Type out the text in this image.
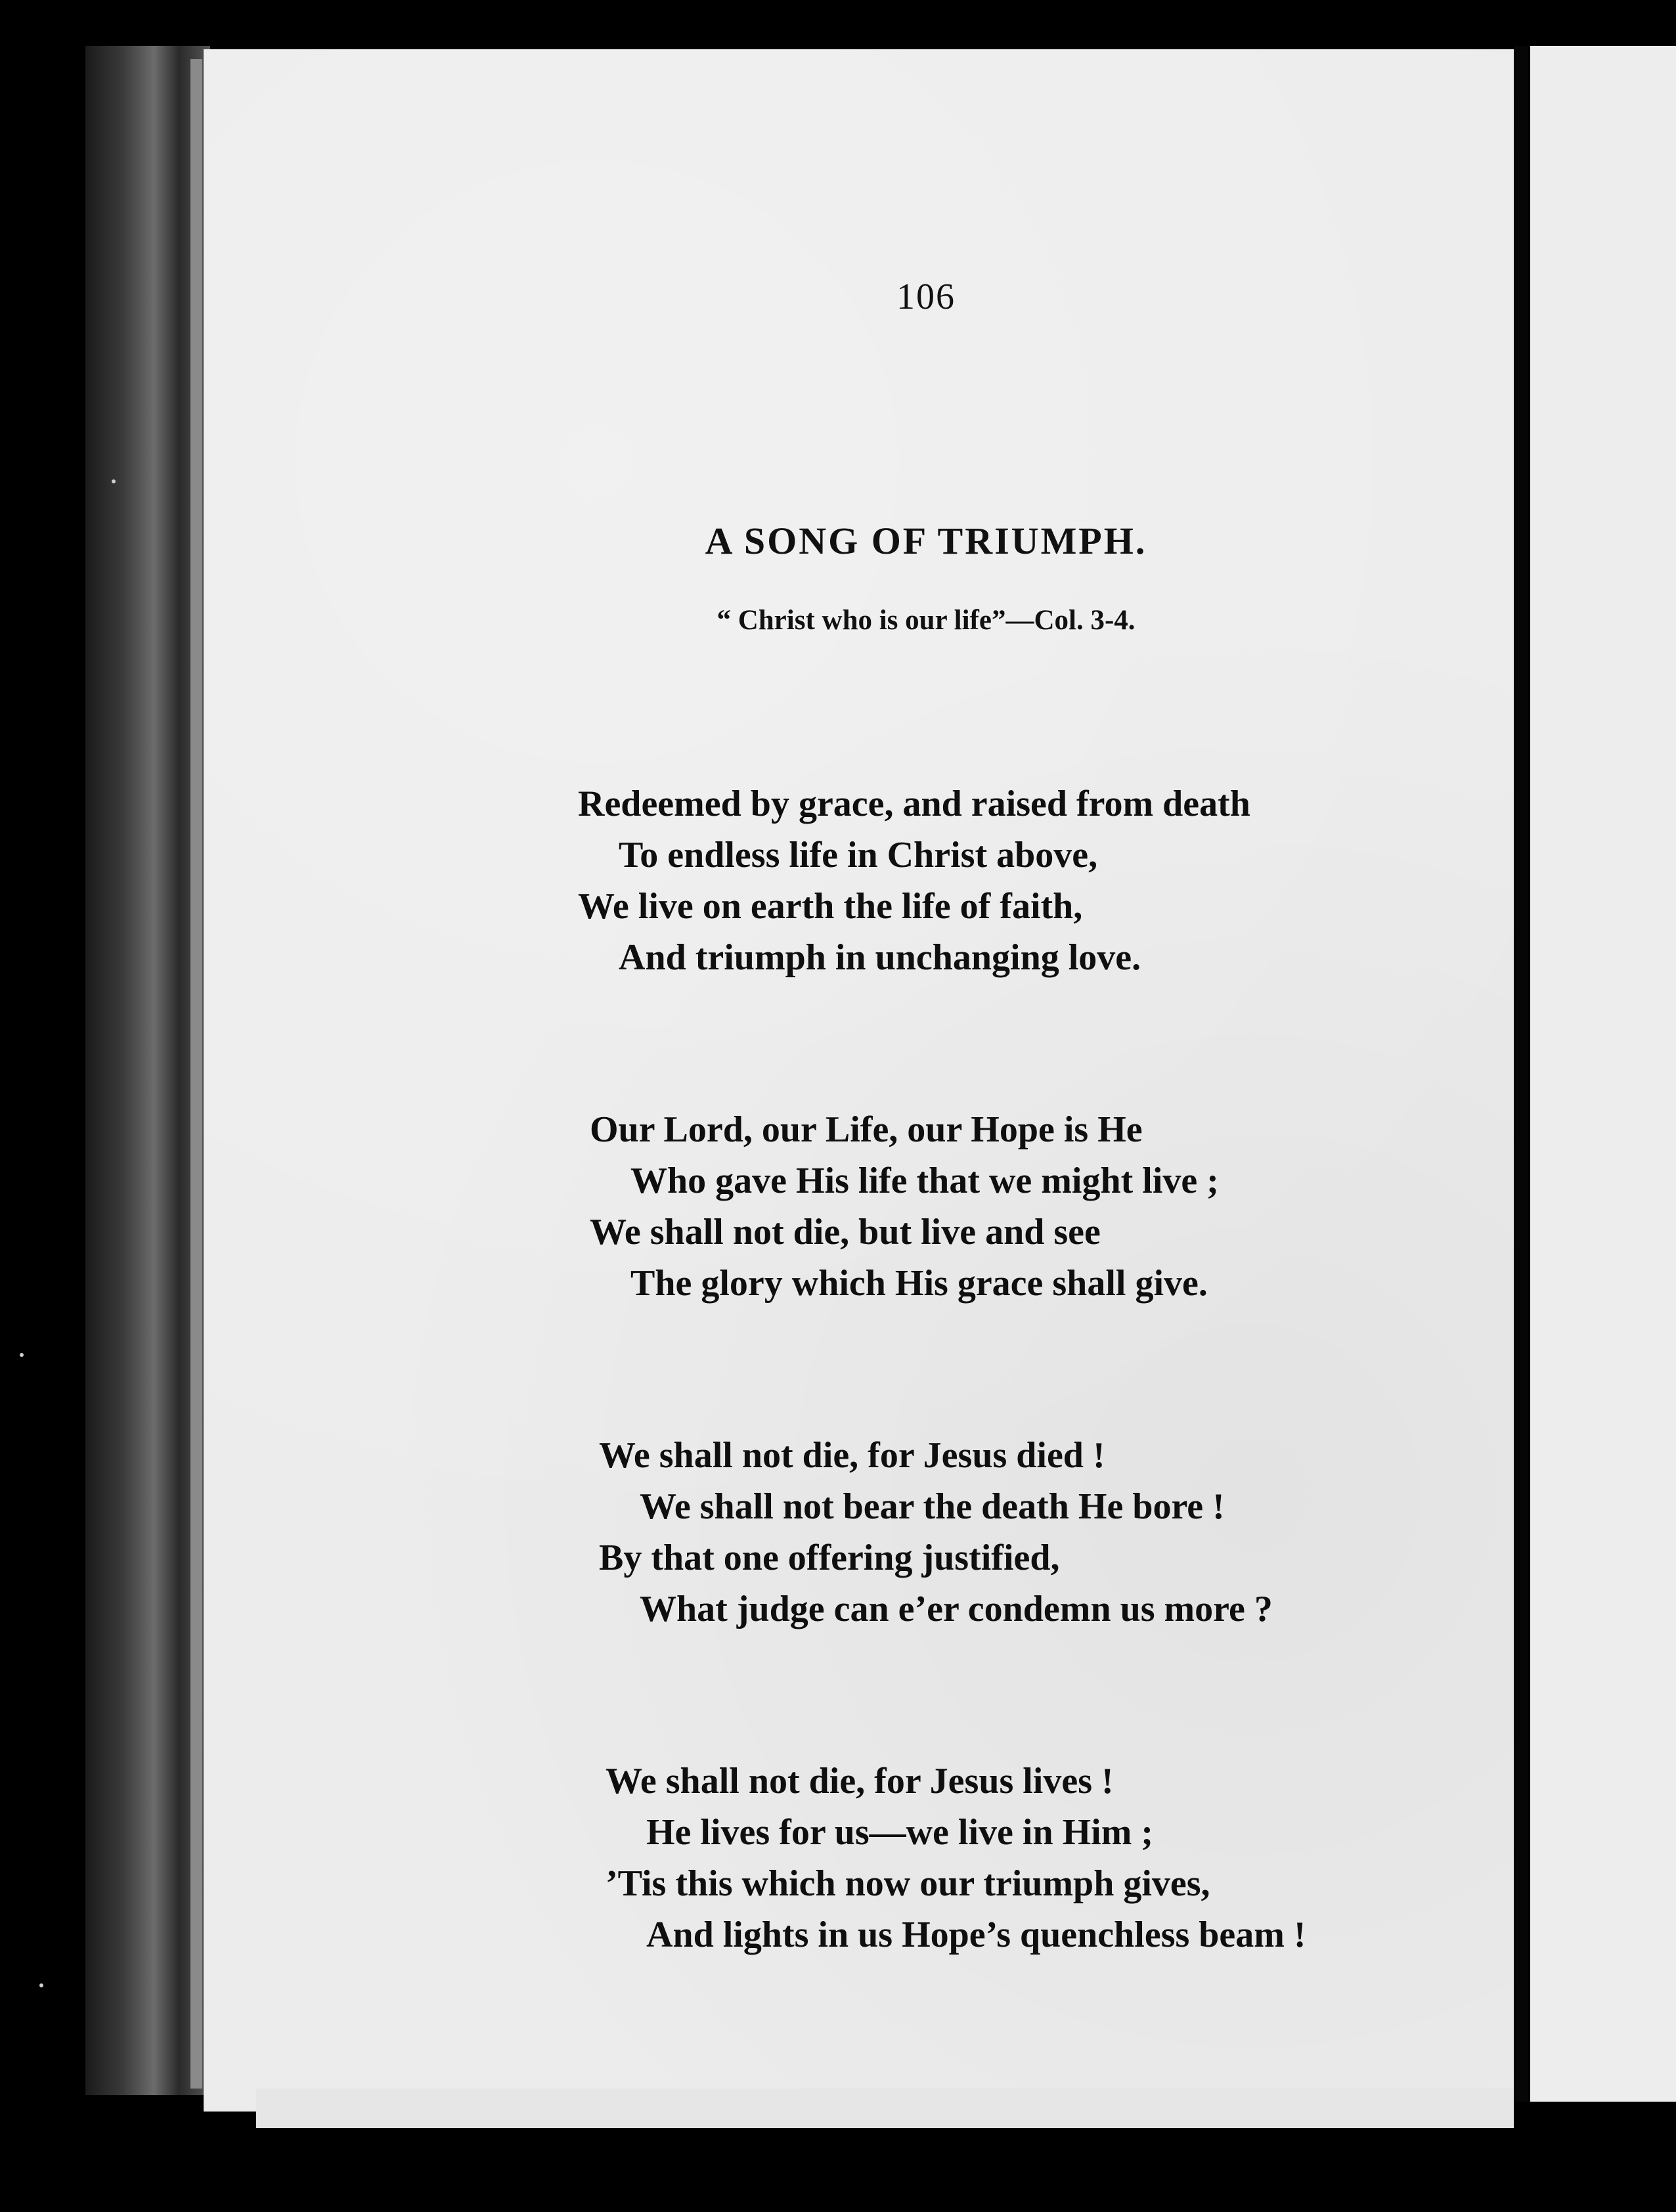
106
A SONG OF TRIUMPH.
“ Christ who is our life”—Col. 3-4.
Redeemed by grace, and raised from death
To endless life in Christ above,
We live on earth the life of faith,
And triumph in unchanging love.
Our Lord, our Life, our Hope is He
Who gave His life that we might live ;
We shall not die, but live and see
The glory which His grace shall give.
We shall not die, for Jesus died !
We shall not bear the death He bore !
By that one offering justified,
What judge can e’er condemn us more ?
We shall not die, for Jesus lives !
He lives for us—we live in Him ;
’Tis this which now our triumph gives,
And lights in us Hope’s quenchless beam !
